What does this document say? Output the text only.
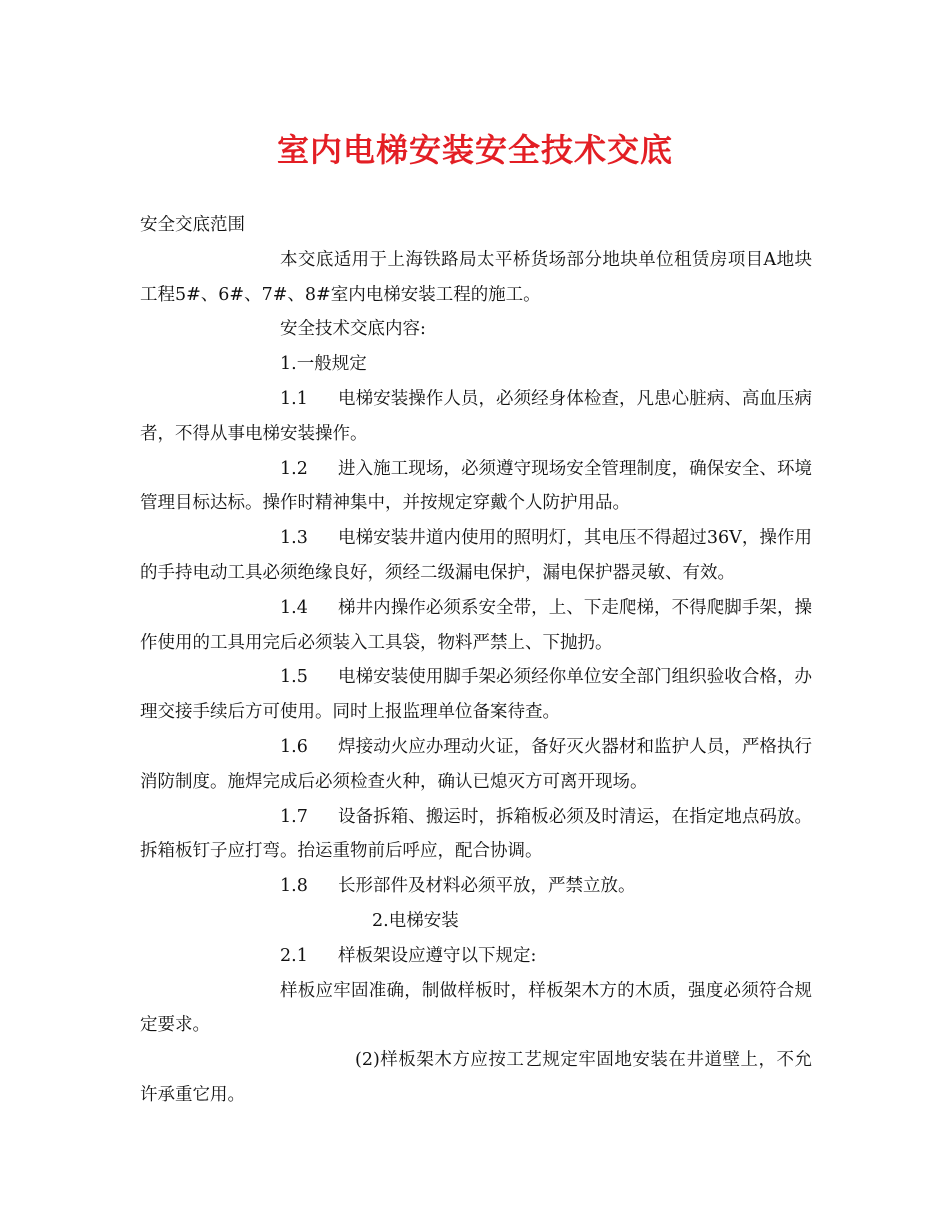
室内电梯安装安全技术交底

安全交底范围

本交底适用于上海铁路局太平桥货场部分地块单位租赁房项目A地块工程5#、6#、7#、8#室内电梯安装工程的施工。

安全技术交底内容:

1.一般规定

1.1 电梯安装操作人员，必须经身体检查，凡患心脏病、高血压病者，不得从事电梯安装操作。

1.2 进入施工现场，必须遵守现场安全管理制度，确保安全、环境管理目标达标。操作时精神集中，并按规定穿戴个人防护用品。

1.3 电梯安装井道内使用的照明灯，其电压不得超过36V，操作用的手持电动工具必须绝缘良好，须经二级漏电保护，漏电保护器灵敏、有效。

1.4 梯井内操作必须系安全带，上、下走爬梯，不得爬脚手架，操作使用的工具用完后必须装入工具袋，物料严禁上、下抛扔。

1.5 电梯安装使用脚手架必须经你单位安全部门组织验收合格，办理交接手续后方可使用。同时上报监理单位备案待查。

1.6 焊接动火应办理动火证，备好灭火器材和监护人员，严格执行消防制度。施焊完成后必须检查火种，确认已熄灭方可离开现场。

1.7 设备拆箱、搬运时，拆箱板必须及时清运，在指定地点码放。拆箱板钉子应打弯。抬运重物前后呼应，配合协调。

1.8 长形部件及材料必须平放，严禁立放。

2.电梯安装

2.1 样板架设应遵守以下规定:

样板应牢固准确，制做样板时，样板架木方的木质，强度必须符合规定要求。

(2)样板架木方应按工艺规定牢固地安装在井道壁上，不允许承重它用。
